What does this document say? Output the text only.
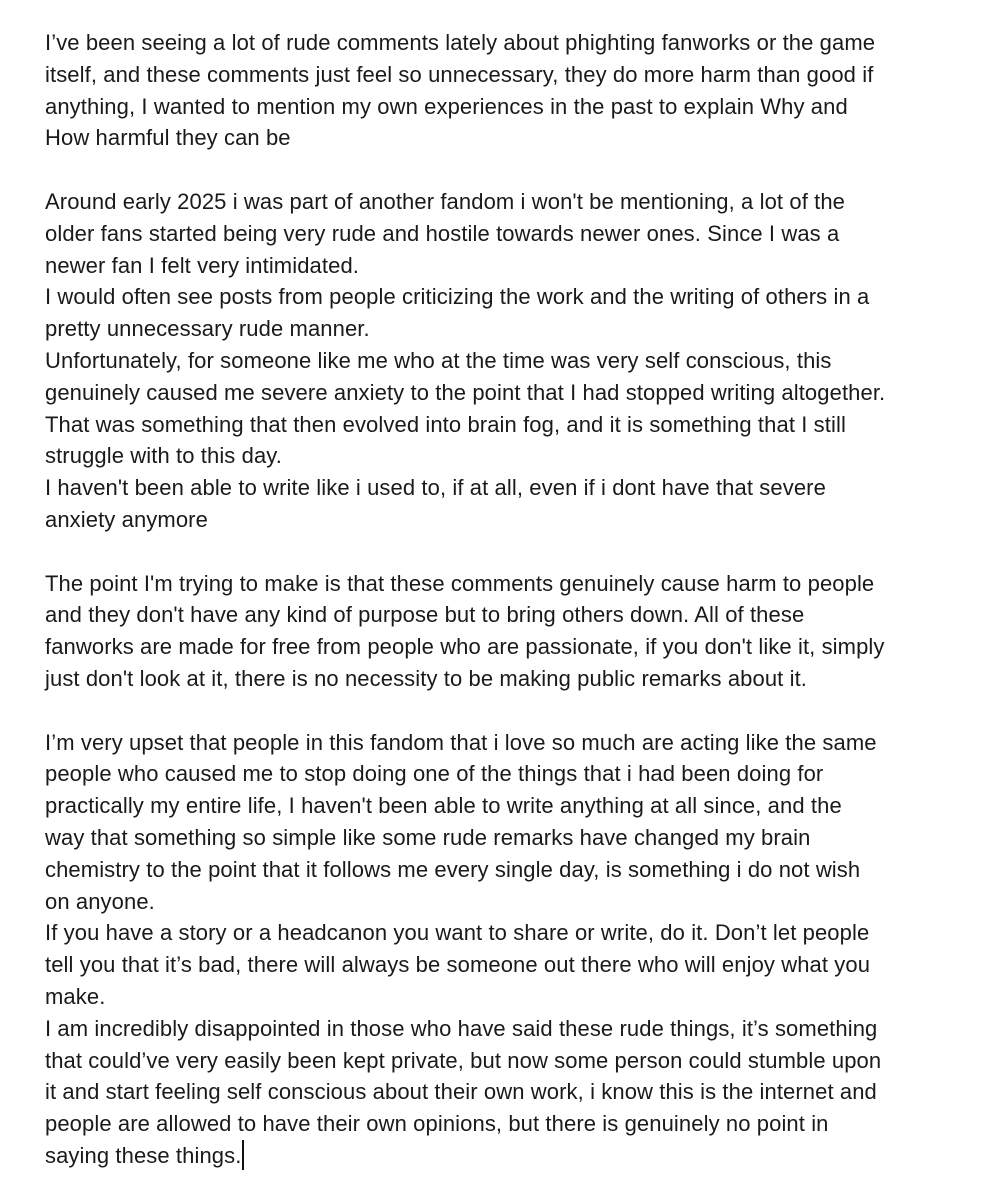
I’ve been seeing a lot of rude comments lately about phighting fanworks or the game
itself, and these comments just feel so unnecessary, they do more harm than good if
anything, I wanted to mention my own experiences in the past to explain Why and
How harmful they can be
Around early 2025 i was part of another fandom i won't be mentioning, a lot of the
older fans started being very rude and hostile towards newer ones. Since I was a
newer fan I felt very intimidated.
I would often see posts from people criticizing the work and the writing of others in a
pretty unnecessary rude manner.
Unfortunately, for someone like me who at the time was very self conscious, this
genuinely caused me severe anxiety to the point that I had stopped writing altogether.
That was something that then evolved into brain fog, and it is something that I still
struggle with to this day.
I haven't been able to write like i used to, if at all, even if i dont have that severe
anxiety anymore
The point I'm trying to make is that these comments genuinely cause harm to people
and they don't have any kind of purpose but to bring others down. All of these
fanworks are made for free from people who are passionate, if you don't like it, simply
just don't look at it, there is no necessity to be making public remarks about it.
I’m very upset that people in this fandom that i love so much are acting like the same
people who caused me to stop doing one of the things that i had been doing for
practically my entire life, I haven't been able to write anything at all since, and the
way that something so simple like some rude remarks have changed my brain
chemistry to the point that it follows me every single day, is something i do not wish
on anyone.
If you have a story or a headcanon you want to share or write, do it. Don’t let people
tell you that it’s bad, there will always be someone out there who will enjoy what you
make.
I am incredibly disappointed in those who have said these rude things, it’s something
that could’ve very easily been kept private, but now some person could stumble upon
it and start feeling self conscious about their own work, i know this is the internet and
people are allowed to have their own opinions, but there is genuinely no point in
saying these things.
